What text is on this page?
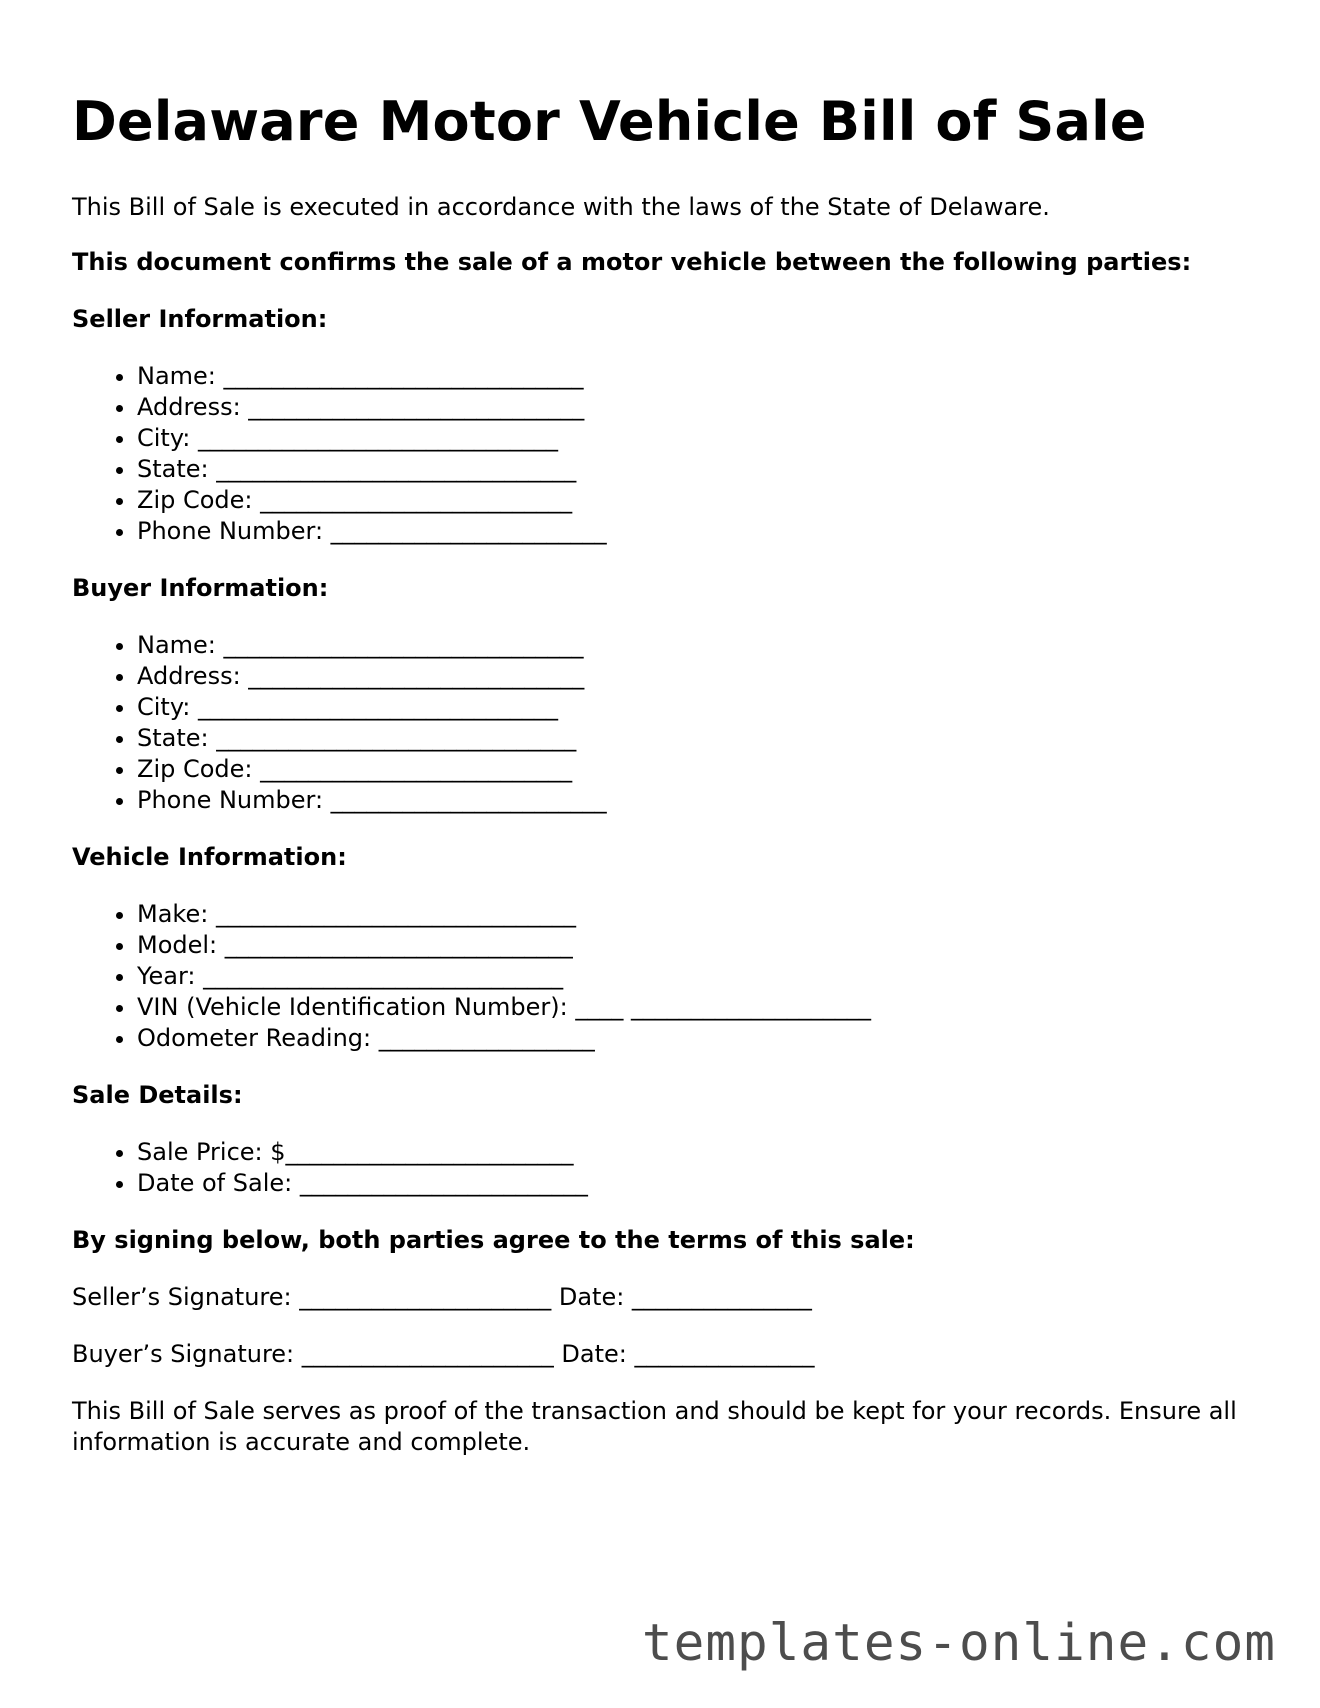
Delaware Motor Vehicle Bill of Sale

This Bill of Sale is executed in accordance with the laws of the State of Delaware.

This document confirms the sale of a motor vehicle between the following parties:

Seller Information:

• Name: ______________________________
• Address: ____________________________
• City: ______________________________
• State: ______________________________
• Zip Code: __________________________
• Phone Number: _______________________

Buyer Information:

• Name: ______________________________
• Address: ____________________________
• City: ______________________________
• State: ______________________________
• Zip Code: __________________________
• Phone Number: _______________________

Vehicle Information:

• Make: ______________________________
• Model: _____________________________
• Year: ______________________________
• VIN (Vehicle Identification Number): ____ ____________________
• Odometer Reading: __________________

Sale Details:

• Sale Price: $________________________
• Date of Sale: ________________________

By signing below, both parties agree to the terms of this sale:

Seller’s Signature: _____________________ Date: _______________

Buyer’s Signature: _____________________ Date: _______________

This Bill of Sale serves as proof of the transaction and should be kept for your records. Ensure all information is accurate and complete.

templates-online.com
